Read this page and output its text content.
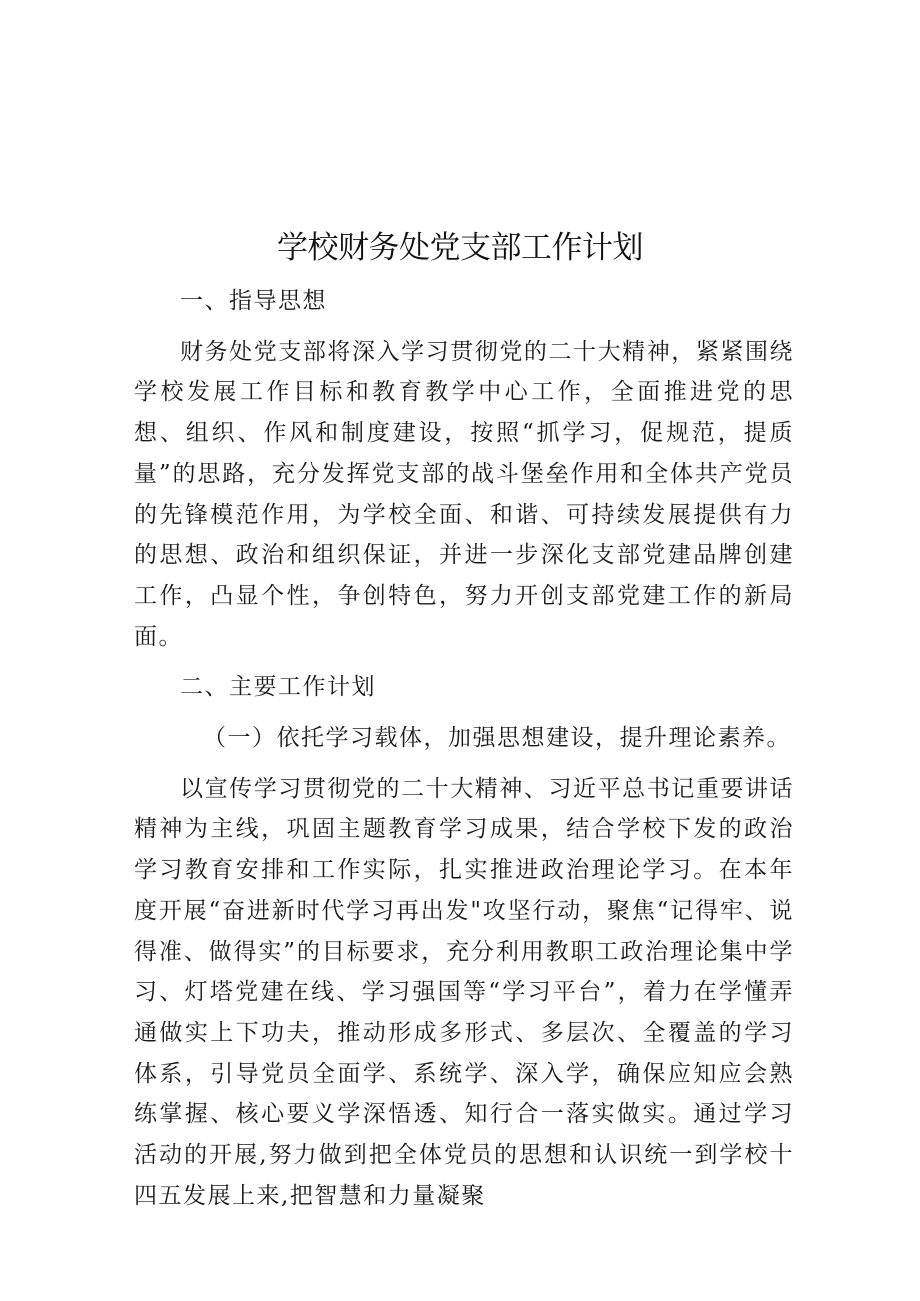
学校财务处党支部工作计划

一、指导思想

财务处党支部将深入学习贯彻党的二十大精神，紧紧围绕学校发展工作目标和教育教学中心工作，全面推进党的思想、组织、作风和制度建设，按照“抓学习，促规范，提质量”的思路，充分发挥党支部的战斗堡垒作用和全体共产党员的先锋模范作用，为学校全面、和谐、可持续发展提供有力的思想、政治和组织保证，并进一步深化支部党建品牌创建工作，凸显个性，争创特色，努力开创支部党建工作的新局面。

二、主要工作计划

（一）依托学习载体，加强思想建设，提升理论素养。

以宣传学习贯彻党的二十大精神、习近平总书记重要讲话精神为主线，巩固主题教育学习成果，结合学校下发的政治学习教育安排和工作实际，扎实推进政治理论学习。在本年度开展“奋进新时代学习再出发"攻坚行动，聚焦“记得牢、说得准、做得实”的目标要求，充分利用教职工政治理论集中学习、灯塔党建在线、学习强国等“学习平台”，着力在学懂弄通做实上下功夫，推动形成多形式、多层次、全覆盖的学习体系，引导党员全面学、系统学、深入学，确保应知应会熟练掌握、核心要义学深悟透、知行合一落实做实。通过学习活动的开展,努力做到把全体党员的思想和认识统一到学校十四五发展上来,把智慧和力量凝聚
